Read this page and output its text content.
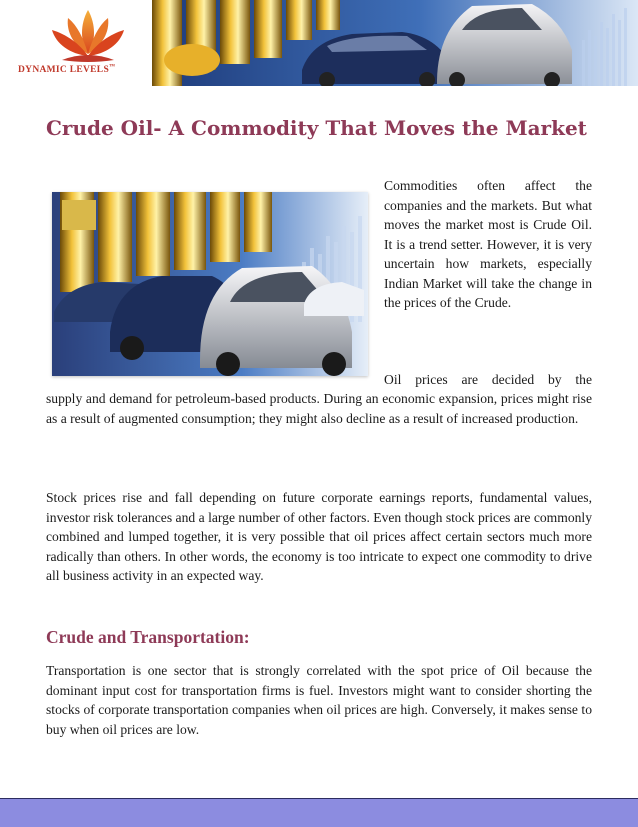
DYNAMIC LEVELS™
Crude Oil- A Commodity That Moves the Market

Commodities often affect the companies and the markets. But what moves the market most is Crude Oil. It is a trend setter. However, it is very uncertain how markets, especially Indian Market will take the change in the prices of the Crude.

Oil prices are decided by the

supply and demand for petroleum-based products. During an economic expansion, prices might rise as a result of augmented consumption; they might also decline as a result of increased production.

Stock prices rise and fall depending on future corporate earnings reports, fundamental values, investor risk tolerances and a large number of other factors. Even though stock prices are commonly combined and lumped together, it is very possible that oil prices affect certain sectors much more radically than others. In other words, the economy is too intricate to expect one commodity to drive all business activity in an expected way.

Crude and Transportation:

Transportation is one sector that is strongly correlated with the spot price of Oil because the dominant input cost for transportation firms is fuel. Investors might want to consider shorting the stocks of corporate transportation companies when oil prices are high. Conversely, it makes sense to buy when oil prices are low.
